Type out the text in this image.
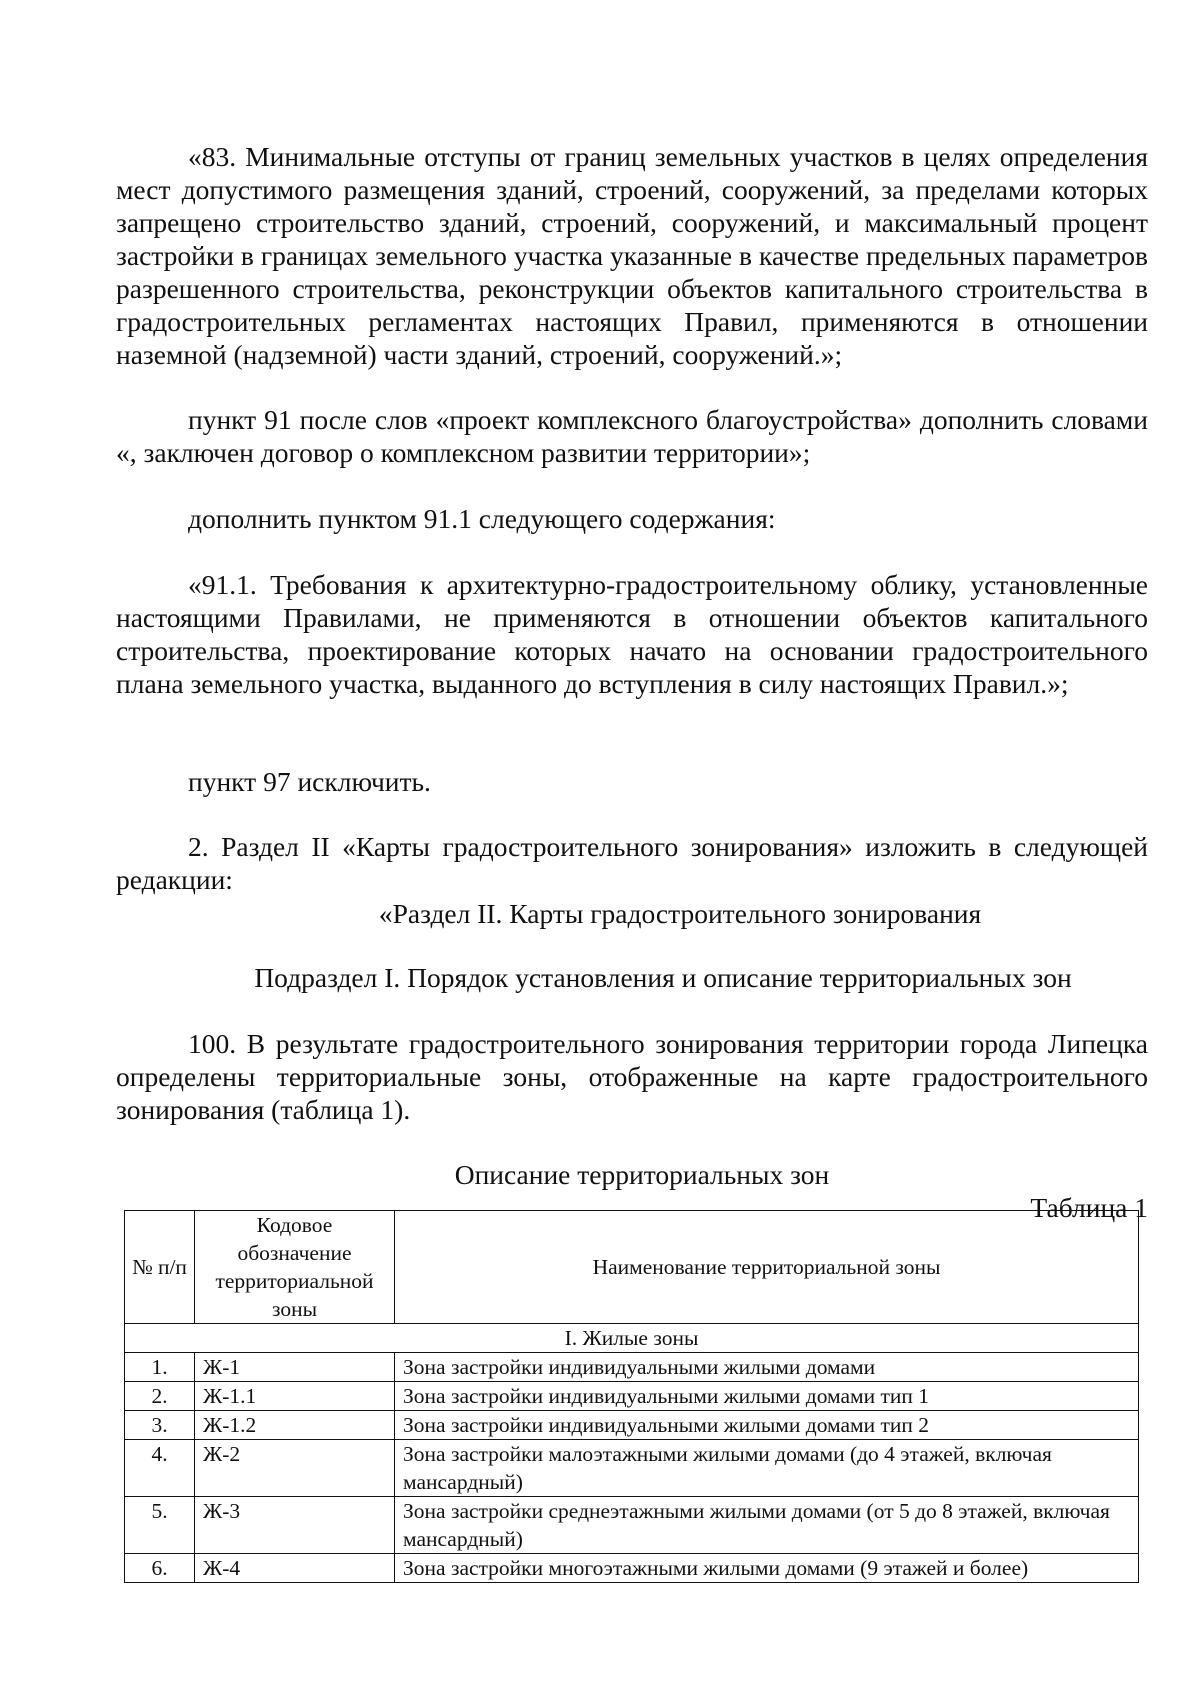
«83. Минимальные отступы от границ земельных участков в целях определения мест допустимого размещения зданий, строений, сооружений, за пределами которых запрещено строительство зданий, строений, сооружений, и максимальный процент застройки в границах земельного участка указанные в качестве предельных параметров разрешенного строительства, реконструкции объектов капитального строительства в градостроительных регламентах настоящих Правил, применяются в отношении наземной (надземной) части зданий, строений, сооружений.»;

пункт 91 после слов «проект комплексного благоустройства» дополнить словами «, заключен договор о комплексном развитии территории»;

дополнить пунктом 91.1 следующего содержания:

«91.1. Требования к архитектурно-градостроительному облику, установленные настоящими Правилами, не применяются в отношении объектов капитального строительства, проектирование которых начато на основании градостроительного плана земельного участка, выданного до вступления в силу настоящих Правил.»;

пункт 97 исключить.

2. Раздел II «Карты градостроительного зонирования» изложить в следующей редакции:

«Раздел II. Карты градостроительного зонирования

Подраздел I. Порядок установления и описание территориальных зон

100. В результате градостроительного зонирования территории города Липецка определены территориальные зоны, отображенные на карте градостроительного зонирования (таблица 1).

Описание территориальных зон

Таблица 1

№ п/п	Кодовое обозначение территориальной зоны	Наименование территориальной зоны
I. Жилые зоны		
1.	Ж-1	Зона застройки индивидуальными жилыми домами
2.	Ж-1.1	Зона застройки индивидуальными жилыми домами тип 1
3.	Ж-1.2	Зона застройки индивидуальными жилыми домами тип 2
4.	Ж-2	Зона застройки малоэтажными жилыми домами (до 4 этажей, включая мансардный)
5.	Ж-3	Зона застройки среднеэтажными жилыми домами (от 5 до 8 этажей, включая мансардный)
6.	Ж-4	Зона застройки многоэтажными жилыми домами (9 этажей и более)
